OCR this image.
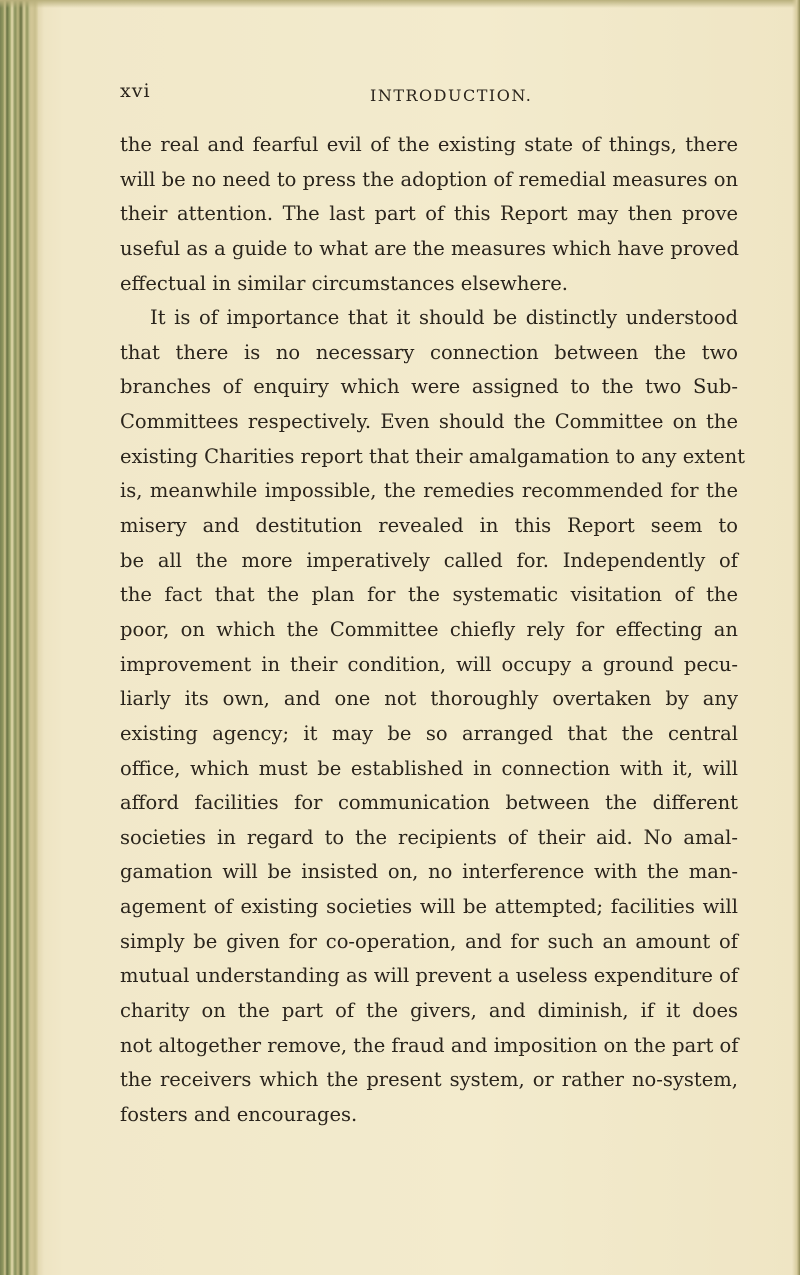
xvi	INTRODUCTION.
the real and fearful evil of the existing state of things, there
will be no need to press the adoption of remedial measures on
their attention. The last part of this Report may then prove
useful as a guide to what are the measures which have proved
effectual in similar circumstances elsewhere.
It is of importance that it should be distinctly understood
that there is no necessary connection between the two
branches of enquiry which were assigned to the two Sub-
Committees respectively. Even should the Committee on the
existing Charities report that their amalgamation to any extent
is, meanwhile impossible, the remedies recommended for the
misery and destitution revealed in this Report seem to
be all the more imperatively called for. Independently of
the fact that the plan for the systematic visitation of the
poor, on which the Committee chiefly rely for effecting an
improvement in their condition, will occupy a ground pecu-
liarly its own, and one not thoroughly overtaken by any
existing agency; it may be so arranged that the central
office, which must be established in connection with it, will
afford facilities for communication between the different
societies in regard to the recipients of their aid. No amal-
gamation will be insisted on, no interference with the man-
agement of existing societies will be attempted; facilities will
simply be given for co-operation, and for such an amount of
mutual understanding as will prevent a useless expenditure of
charity on the part of the givers, and diminish, if it does
not altogether remove, the fraud and imposition on the part of
the receivers which the present system, or rather no-system,
fosters and encourages.
